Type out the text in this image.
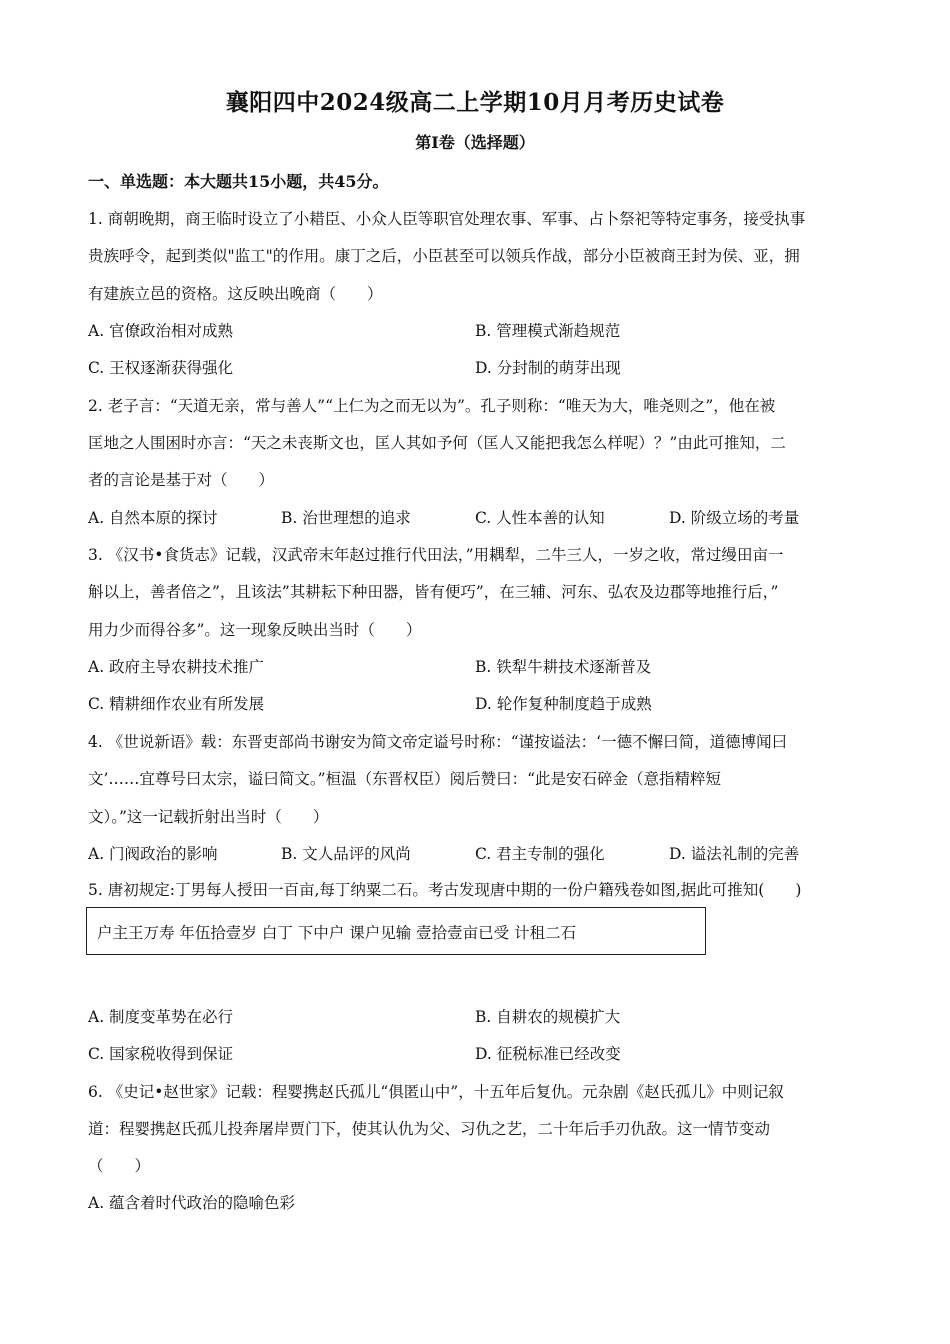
襄阳四中2024级高二上学期10月月考历史试卷
第I卷（选择题）
一、单选题：本大题共15小题，共45分。
1. 商朝晚期，商王临时设立了小耤臣、小众人臣等职官处理农事、军事、占卜祭祀等特定事务，接受执事
贵族呼令，起到类似"监工"的作用。康丁之后，小臣甚至可以领兵作战，部分小臣被商王封为侯、亚，拥
有建族立邑的资格。这反映出晚商（　　）
A. 官僚政治相对成熟	B. 管理模式渐趋规范
C. 王权逐渐获得强化	D. 分封制的萌芽出现
2. 老子言：“天道无亲，常与善人”“上仁为之而无以为”。孔子则称：“唯天为大，唯尧则之”，他在被
匡地之人围困时亦言：“天之未丧斯文也，匡人其如予何（匡人又能把我怎么样呢）？”由此可推知，二
者的言论是基于对（　　）
A. 自然本原的探讨	B. 治世理想的追求	C. 人性本善的认知	D. 阶级立场的考量
3. 《汉书•食货志》记载，汉武帝末年赵过推行代田法，”用耦犁，二牛三人，一岁之收，常过缦田亩一
斛以上，善者倍之”，且该法”其耕耘下种田器，皆有便巧”，在三辅、河东、弘农及边郡等地推行后，”
用力少而得谷多”。这一现象反映出当时（　　）
A. 政府主导农耕技术推广	B. 铁犁牛耕技术逐渐普及
C. 精耕细作农业有所发展	D. 轮作复种制度趋于成熟
4. 《世说新语》载：东晋吏部尚书谢安为简文帝定谥号时称：“谨按谥法：‘一德不懈曰简，道德博闻曰
文’……宜尊号曰太宗，谥曰简文。”桓温（东晋权臣）阅后赞曰：“此是安石碎金（意指精粹短
文）。”这一记载折射出当时（　　）
A. 门阀政治的影响	B. 文人品评的风尚	C. 君主专制的强化	D. 谥法礼制的完善
5. 唐初规定:丁男每人授田一百亩,每丁纳粟二石。考古发现唐中期的一份户籍残卷如图,据此可推知(　　)
户主王万寿 年伍拾壹岁 白丁 下中户 课户见输 壹拾壹亩已受 计租二石
A. 制度变革势在必行	B. 自耕农的规模扩大
C. 国家税收得到保证	D. 征税标准已经改变
6. 《史记•赵世家》记载：程婴携赵氏孤儿“俱匿山中”，十五年后复仇。元杂剧《赵氏孤儿》中则记叙
道：程婴携赵氏孤儿投奔屠岸贾门下，使其认仇为父、习仇之艺，二十年后手刃仇敌。这一情节变动
（　　）
A. 蕴含着时代政治的隐喻色彩
